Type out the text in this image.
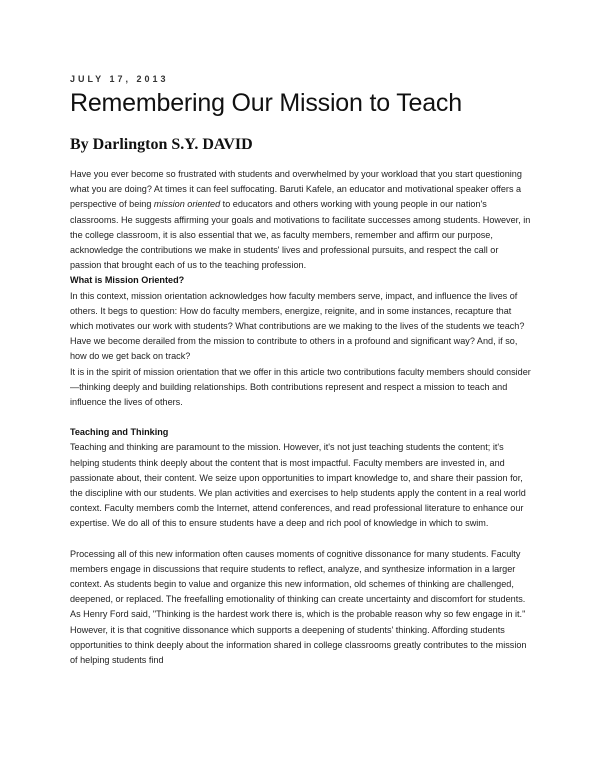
JULY 17, 2013
Remembering Our Mission to Teach
By Darlington S.Y. DAVID

Have you ever become so frustrated with students and overwhelmed by your workload that you start questioning what you are doing? At times it can feel suffocating. Baruti Kafele, an educator and motivational speaker offers a perspective of being mission oriented to educators and others working with young people in our nation's classrooms. He suggests affirming your goals and motivations to facilitate successes among students. However, in the college classroom, it is also essential that we, as faculty members, remember and affirm our purpose, acknowledge the contributions we make in students' lives and professional pursuits, and respect the call or passion that brought each of us to the teaching profession.

What is Mission Oriented?

In this context, mission orientation acknowledges how faculty members serve, impact, and influence the lives of others. It begs to question: How do faculty members, energize, reignite, and in some instances, recapture that which motivates our work with students? What contributions are we making to the lives of the students we teach? Have we become derailed from the mission to contribute to others in a profound and significant way? And, if so, how do we get back on track?

It is in the spirit of mission orientation that we offer in this article two contributions faculty members should consider—thinking deeply and building relationships. Both contributions represent and respect a mission to teach and influence the lives of others.

Teaching and Thinking

Teaching and thinking are paramount to the mission. However, it's not just teaching students the content; it's helping students think deeply about the content that is most impactful. Faculty members are invested in, and passionate about, their content. We seize upon opportunities to impart knowledge to, and share their passion for, the discipline with our students. We plan activities and exercises to help students apply the content in a real world context. Faculty members comb the Internet, attend conferences, and read professional literature to enhance our expertise. We do all of this to ensure students have a deep and rich pool of knowledge in which to swim.

Processing all of this new information often causes moments of cognitive dissonance for many students. Faculty members engage in discussions that require students to reflect, analyze, and synthesize information in a larger context. As students begin to value and organize this new information, old schemes of thinking are challenged, deepened, or replaced. The freefalling emotionality of thinking can create uncertainty and discomfort for students. As Henry Ford said, "Thinking is the hardest work there is, which is the probable reason why so few engage in it." However, it is that cognitive dissonance which supports a deepening of students' thinking. Affording students opportunities to think deeply about the information shared in college classrooms greatly contributes to the mission of helping students find
